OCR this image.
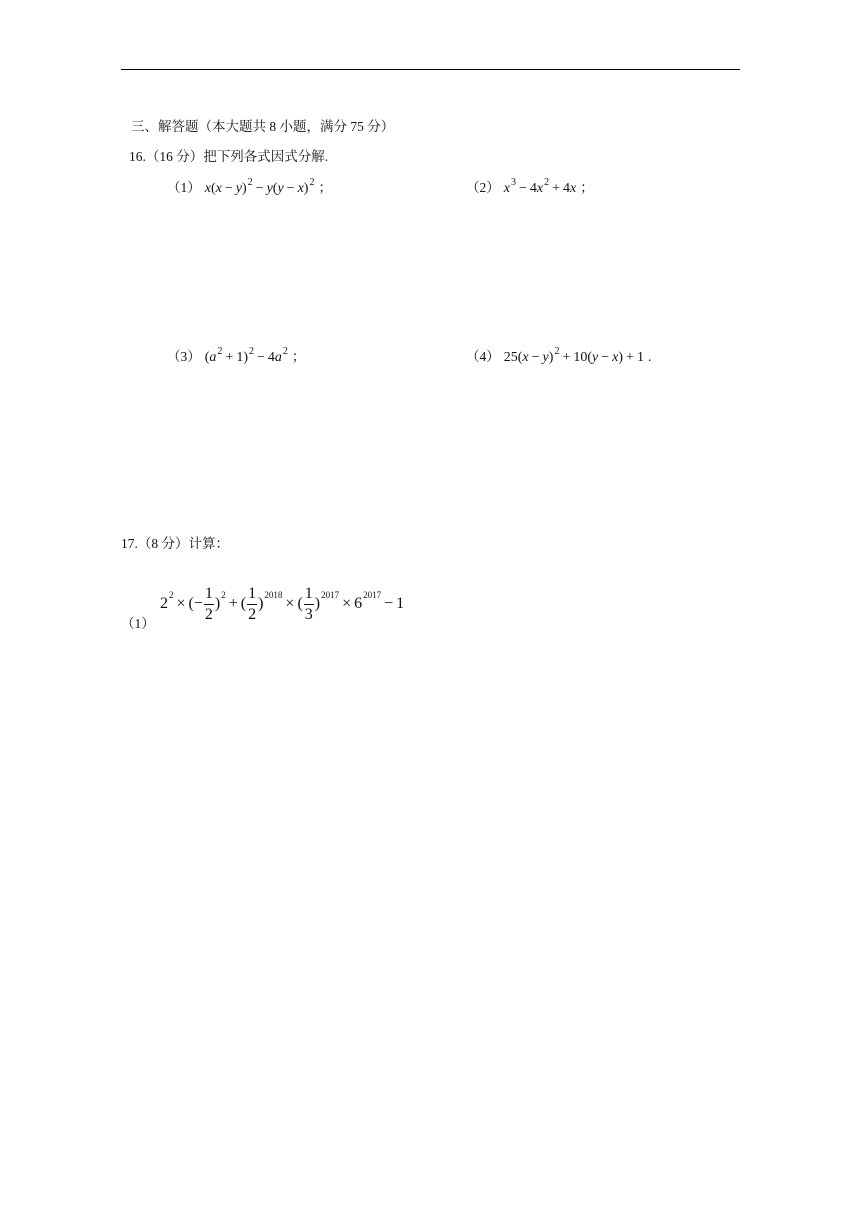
三、解答题（本大题共 8 小题，满分 75 分）
16.（16 分）把下列各式因式分解.
（1） $x(x - y)^2 - y(y - x)^2$ ；	（2） $x^3 - 4x^2 + 4x$ ；
（3） $(a^2 + 1)^2 - 4a^2$ ；	（4） $25(x - y)^2 + 10(y - x) + 1$ .
17.（8 分）计算：
（1）
$2^2$ × (− $\frac{1}{2} )^2$ + ( $\frac{1}{2} )^{2018}$ × ( $\frac{1}{3} )^{2017} \times 6^{2017} - 1$
